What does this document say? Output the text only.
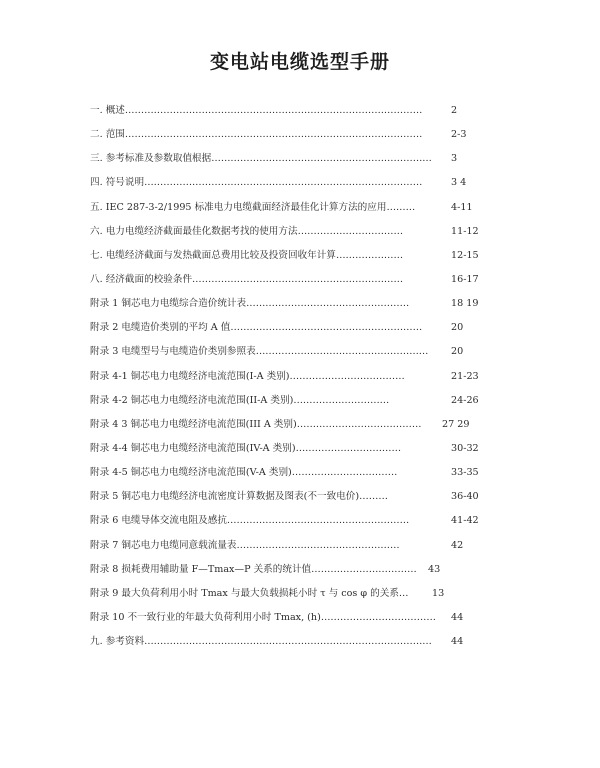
变电站电缆选型手册
一. 概述…………………………………………………………………………………	2
二. 范围…………………………………………………………………………………	2-3
三. 参考标准及参数取值根据…………………………………………………………… 3
四. 符号说明……………………………………………………………………………	3 4
五. IEC 287-3-2/1995 标准电力电缆截面经济最佳化计算方法的应用………	4-11
六. 电力电缆经济截面最佳化数据考找的使用方法……………………………	11-12
七. 电缆经济截面与发热截面总费用比较及投资回收年计算…………………	12-15
八. 经济截面的校验条件…………………………………………………………	16-17
附录 1 铜芯电力电缆综合造价统计表……………………………………………	18 19
附录 2 电缆造价类别的平均 A 值……………………………………………………	20
附录 3 电缆型号与电缆造价类别参照表……………………………………………… 20
附录 4-1 铜芯电力电缆经济电流范围(I-A 类别)………………………………	21-23
附录 4-2 铜芯电力电缆经济电流范围(II-A 类别)…………………………	24-26
附录 4 3 铜芯电力电缆经济电流范围(III A 类别)………………………………… 27 29
附录 4-4 铜芯电力电缆经济电流范围(IV-A 类别)……………………………	30-32
附录 4-5 铜芯电力电缆经济电流范围(V-A 类别)……………………………	33-35
附录 5 铜芯电力电缆经济电流密度计算数据及图表(不一致电价)………	36-40
附录 6 电缆导体交流电阻及感抗…………………………………………………	41-42
附录 7 铜芯电力电缆同意载流量表……………………………………………	42
附录 8 损耗费用辅助量 F—Tmax—P 关系的统计值…………………………… 43
附录 9 最大负荷利用小时 Tmax 与最大负载损耗小时 τ 与 cos φ 的关系… 13
附录 10 不一致行业的年最大负荷利用小时 Tmax, (h)……………………………… 44
九. 参考资料……………………………………………………………………………… 44
